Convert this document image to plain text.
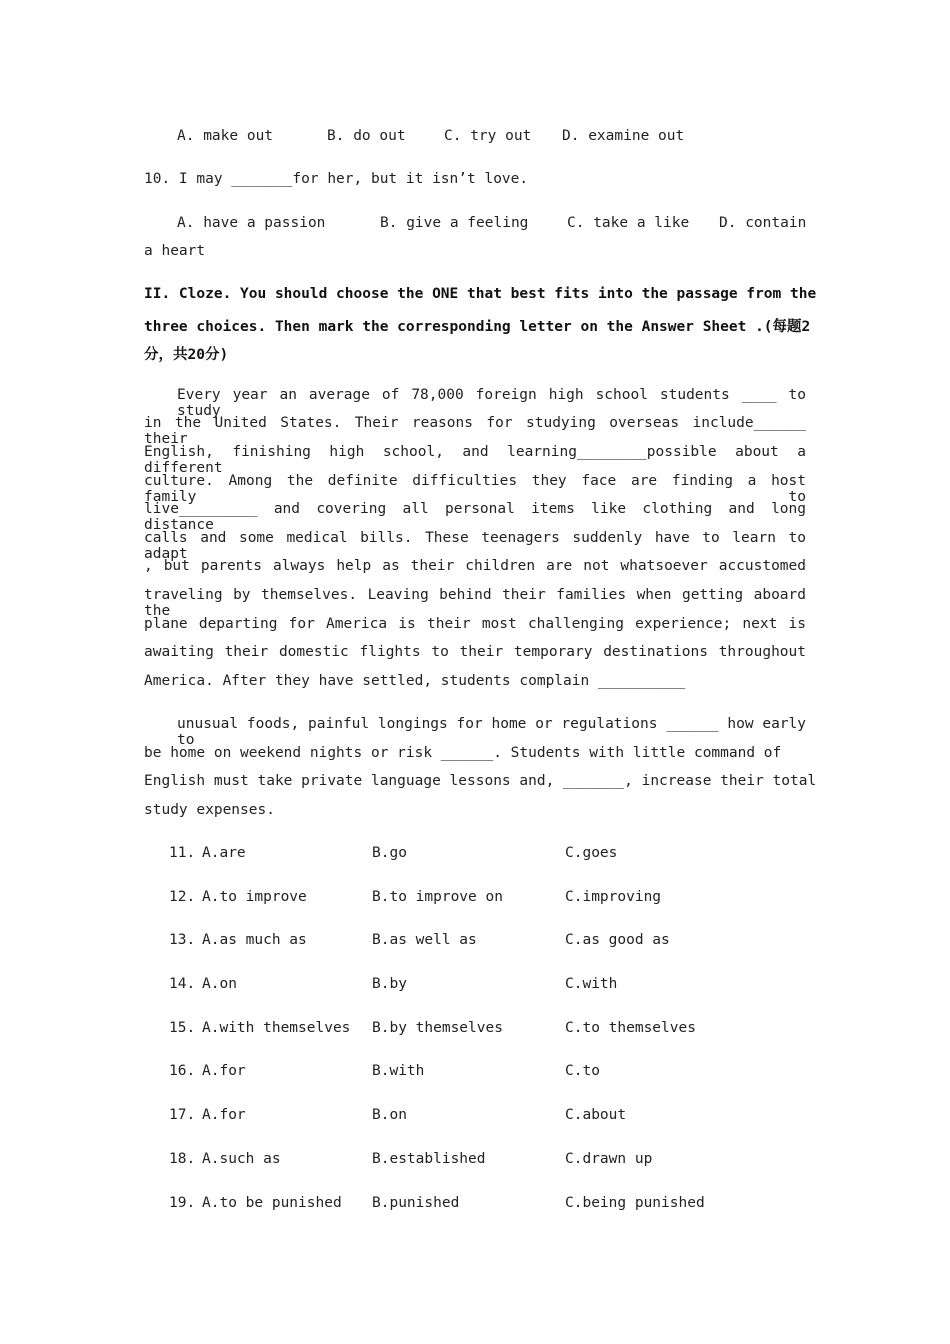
A. make out	B. do out	C. try out D. examine out
10. I may _______for her, but it isn’t love.
A. have a passion	B. give a feeling	C. take a like D. contain
a heart
II. Cloze. You should choose the ONE that best fits into the passage from the
three choices. Then mark the corresponding letter on the Answer Sheet .(每题2
分，共20分)
Every year an average of 78,000 foreign high school students ____ to study
in the United States. Their reasons for studying overseas include______ their
English, finishing high school, and learning________possible about a different
culture. Among the definite difficulties they face are finding a host family to
live_________ and covering all personal items like clothing and long distance
calls and some medical bills. These teenagers suddenly have to learn to adapt
, but parents always help as their children are not whatsoever accustomed
traveling by themselves. Leaving behind their families when getting aboard the
plane departing for America is their most challenging experience; next is
awaiting their domestic flights to their temporary destinations throughout
America. After they have settled, students complain __________
unusual foods, painful longings for home or regulations ______ how early to
be home on weekend nights or risk ______. Students with little command of
English must take private language lessons and, _______, increase their total
study expenses.
11. A.are	B.go	C.goes
12. A.to improve	B.to improve on	C.improving
13. A.as much as	B.as well as	C.as good as
14. A.on	B.by	C.with
15. A.with themselves B.by themselves	C.to themselves
16. A.for	B.with	C.to
17. A.for	B.on	C.about
18. A.such as	B.established	C.drawn up
19. A.to be punished B.punished	C.being punished
